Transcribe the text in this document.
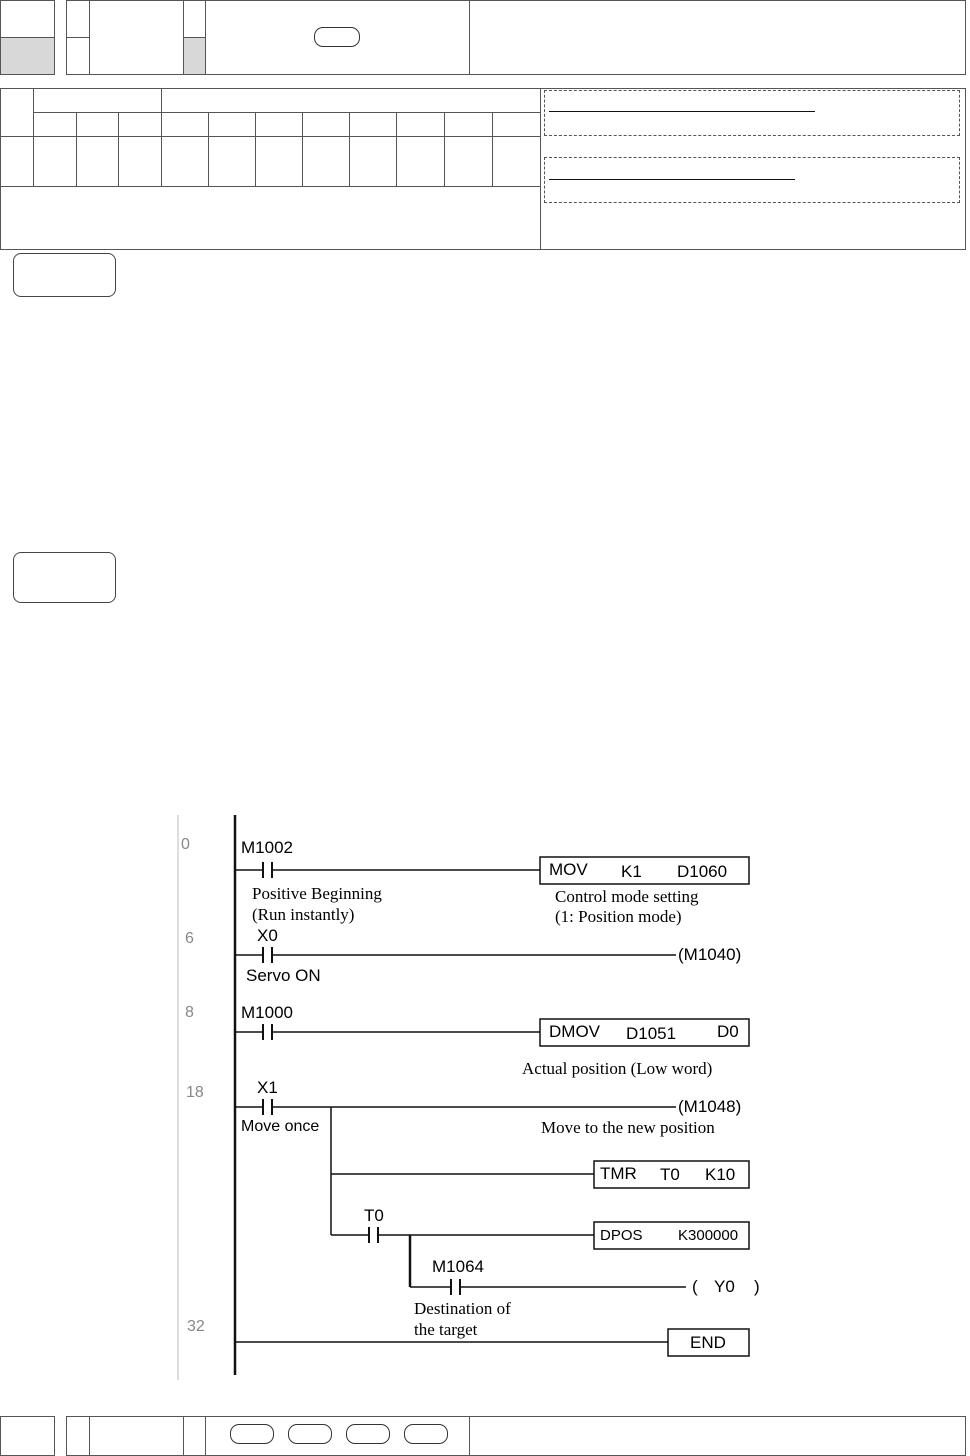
0
6
8
18
32
M1002
Positive Beginning
(Run instantly)
MOV K1 D1060
Control mode setting
(1: Position mode)
X0
Servo ON
(M1040)
M1000
DMOV D1051 D0
Actual position (Low word)
X1
Move once
(M1048)
Move to the new position
TMR T0 K10
T0
DPOS K300000
M1064
( Y0 )
Destination of
the target
END
